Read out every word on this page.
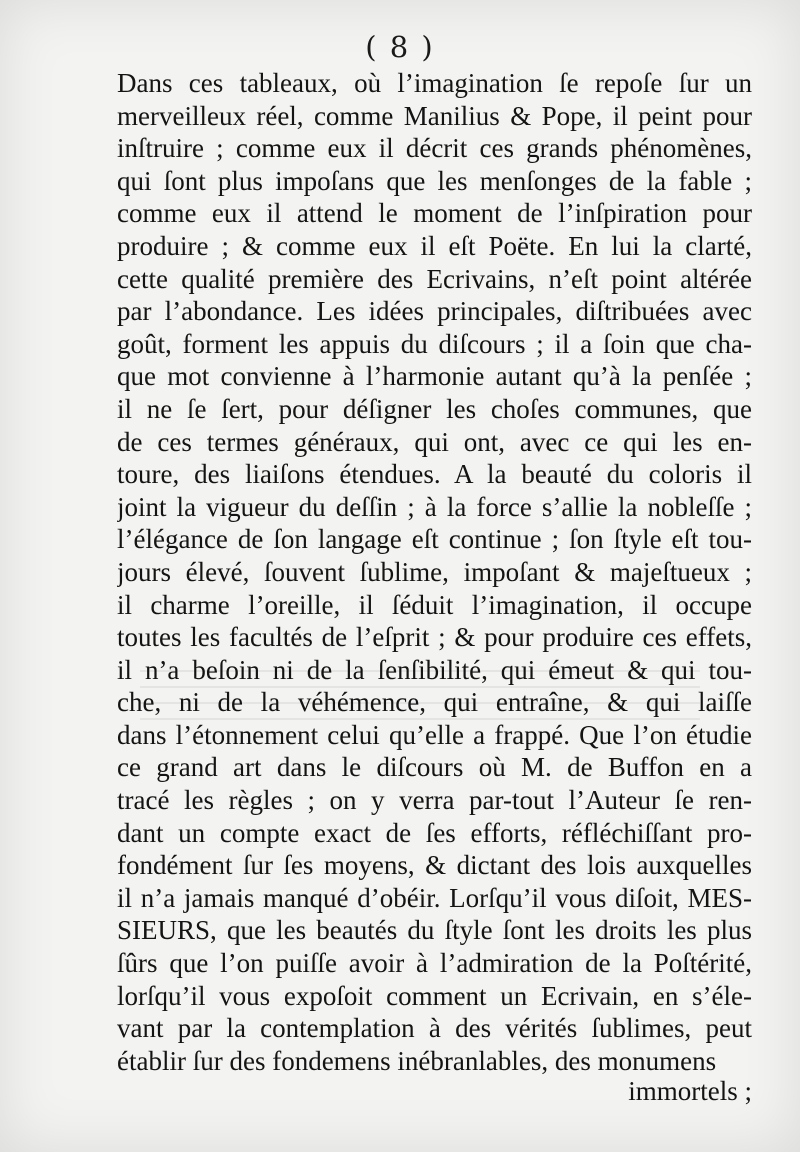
( 8 )
Dans ces tableaux, où l’imagination ſe repoſe ſur un
merveilleux réel, comme Manilius & Pope, il peint pour
inſtruire ; comme eux il décrit ces grands phénomènes,
qui ſont plus impoſans que les menſonges de la fable ;
comme eux il attend le moment de l’inſpiration pour
produire ; & comme eux il eſt Poëte. En lui la clarté,
cette qualité première des Ecrivains, n’eſt point altérée
par l’abondance. Les idées principales, diſtribuées avec
goût, forment les appuis du diſcours ; il a ſoin que cha-
que mot convienne à l’harmonie autant qu’à la penſée ;
il ne ſe ſert, pour déſigner les choſes communes, que
de ces termes généraux, qui ont, avec ce qui les en-
toure, des liaiſons étendues. A la beauté du coloris il
joint la vigueur du deſſin ; à la force s’allie la nobleſſe ;
l’élégance de ſon langage eſt continue ; ſon ſtyle eſt tou-
jours élevé, ſouvent ſublime, impoſant & majeſtueux ;
il charme l’oreille, il ſéduit l’imagination, il occupe
toutes les facultés de l’eſprit ; & pour produire ces effets,
il n’a beſoin ni de la ſenſibilité, qui émeut & qui tou-
che, ni de la véhémence, qui entraîne, & qui laiſſe
dans l’étonnement celui qu’elle a frappé. Que l’on étudie
ce grand art dans le diſcours où M. de Buffon en a
tracé les règles ; on y verra par-tout l’Auteur ſe ren-
dant un compte exact de ſes efforts, réfléchiſſant pro-
fondément ſur ſes moyens, & dictant des lois auxquelles
il n’a jamais manqué d’obéir. Lorſqu’il vous diſoit, MES-
SIEURS, que les beautés du ſtyle ſont les droits les plus
ſûrs que l’on puiſſe avoir à l’admiration de la Poſtérité,
lorſqu’il vous expoſoit comment un Ecrivain, en s’éle-
vant par la contemplation à des vérités ſublimes, peut
établir ſur des fondemens inébranlables, des monumens
immortels ;
